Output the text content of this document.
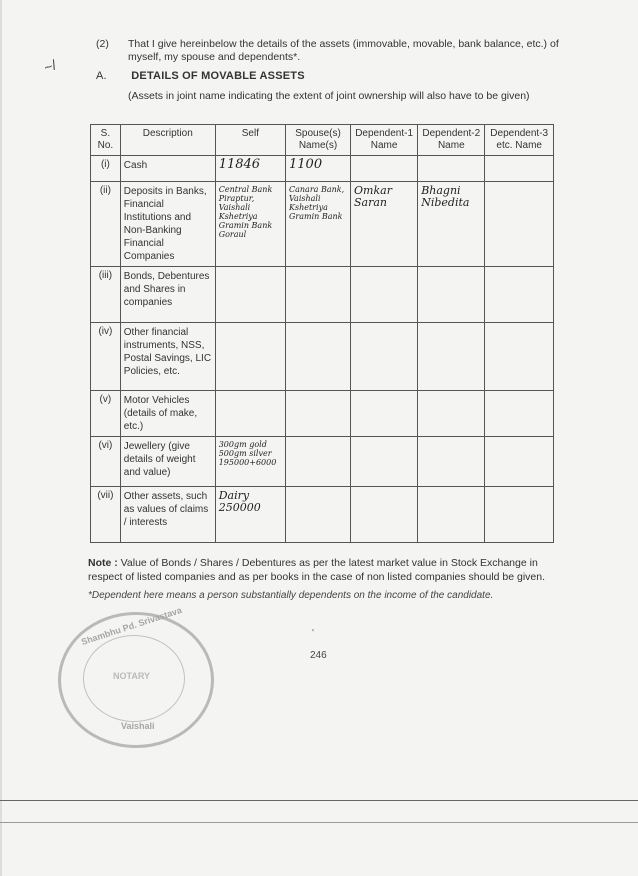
(2) That I give hereinbelow the details of the assets (immovable, movable, bank balance, etc.) of myself, my spouse and dependents*.
~/
A. DETAILS OF MOVABLE ASSETS
(Assets in joint name indicating the extent of joint ownership will also have to be given)
S. No.	Description	Self	Spouse(s) Name(s)	Dependent-1 Name	Dependent-2 Name	Dependent-3 etc. Name
(i)	Cash	11846	1100			
(ii)	Deposits in Banks, Financial Institutions and Non-Banking Financial Companies	Central Bank Piraptur, Vaishali Kshetriya Gramin Bank Goraul	Canara Bank, Vaishali Kshetriya Gramin Bank	Omkar Saran	Bhagni Nibedita	
(iii)	Bonds, Debentures and Shares in companies					
(iv)	Other financial instruments, NSS, Postal Savings, LIC Policies, etc.					
(v)	Motor Vehicles (details of make, etc.)					
(vi)	Jewellery (give details of weight and value)	300gm gold 500gm silver 195000+6000				
(vii)	Other assets, such as values of claims / interests	Dairy 250000				
Note : Value of Bonds / Shares / Debentures as per the latest market value in Stock Exchange in respect of listed companies and as per books in the case of non listed companies should be given.
*Dependent here means a person substantially dependents on the income of the candidate.
'
246
Shambhu Pd. Srivastava
NOTARY
Vaishali
